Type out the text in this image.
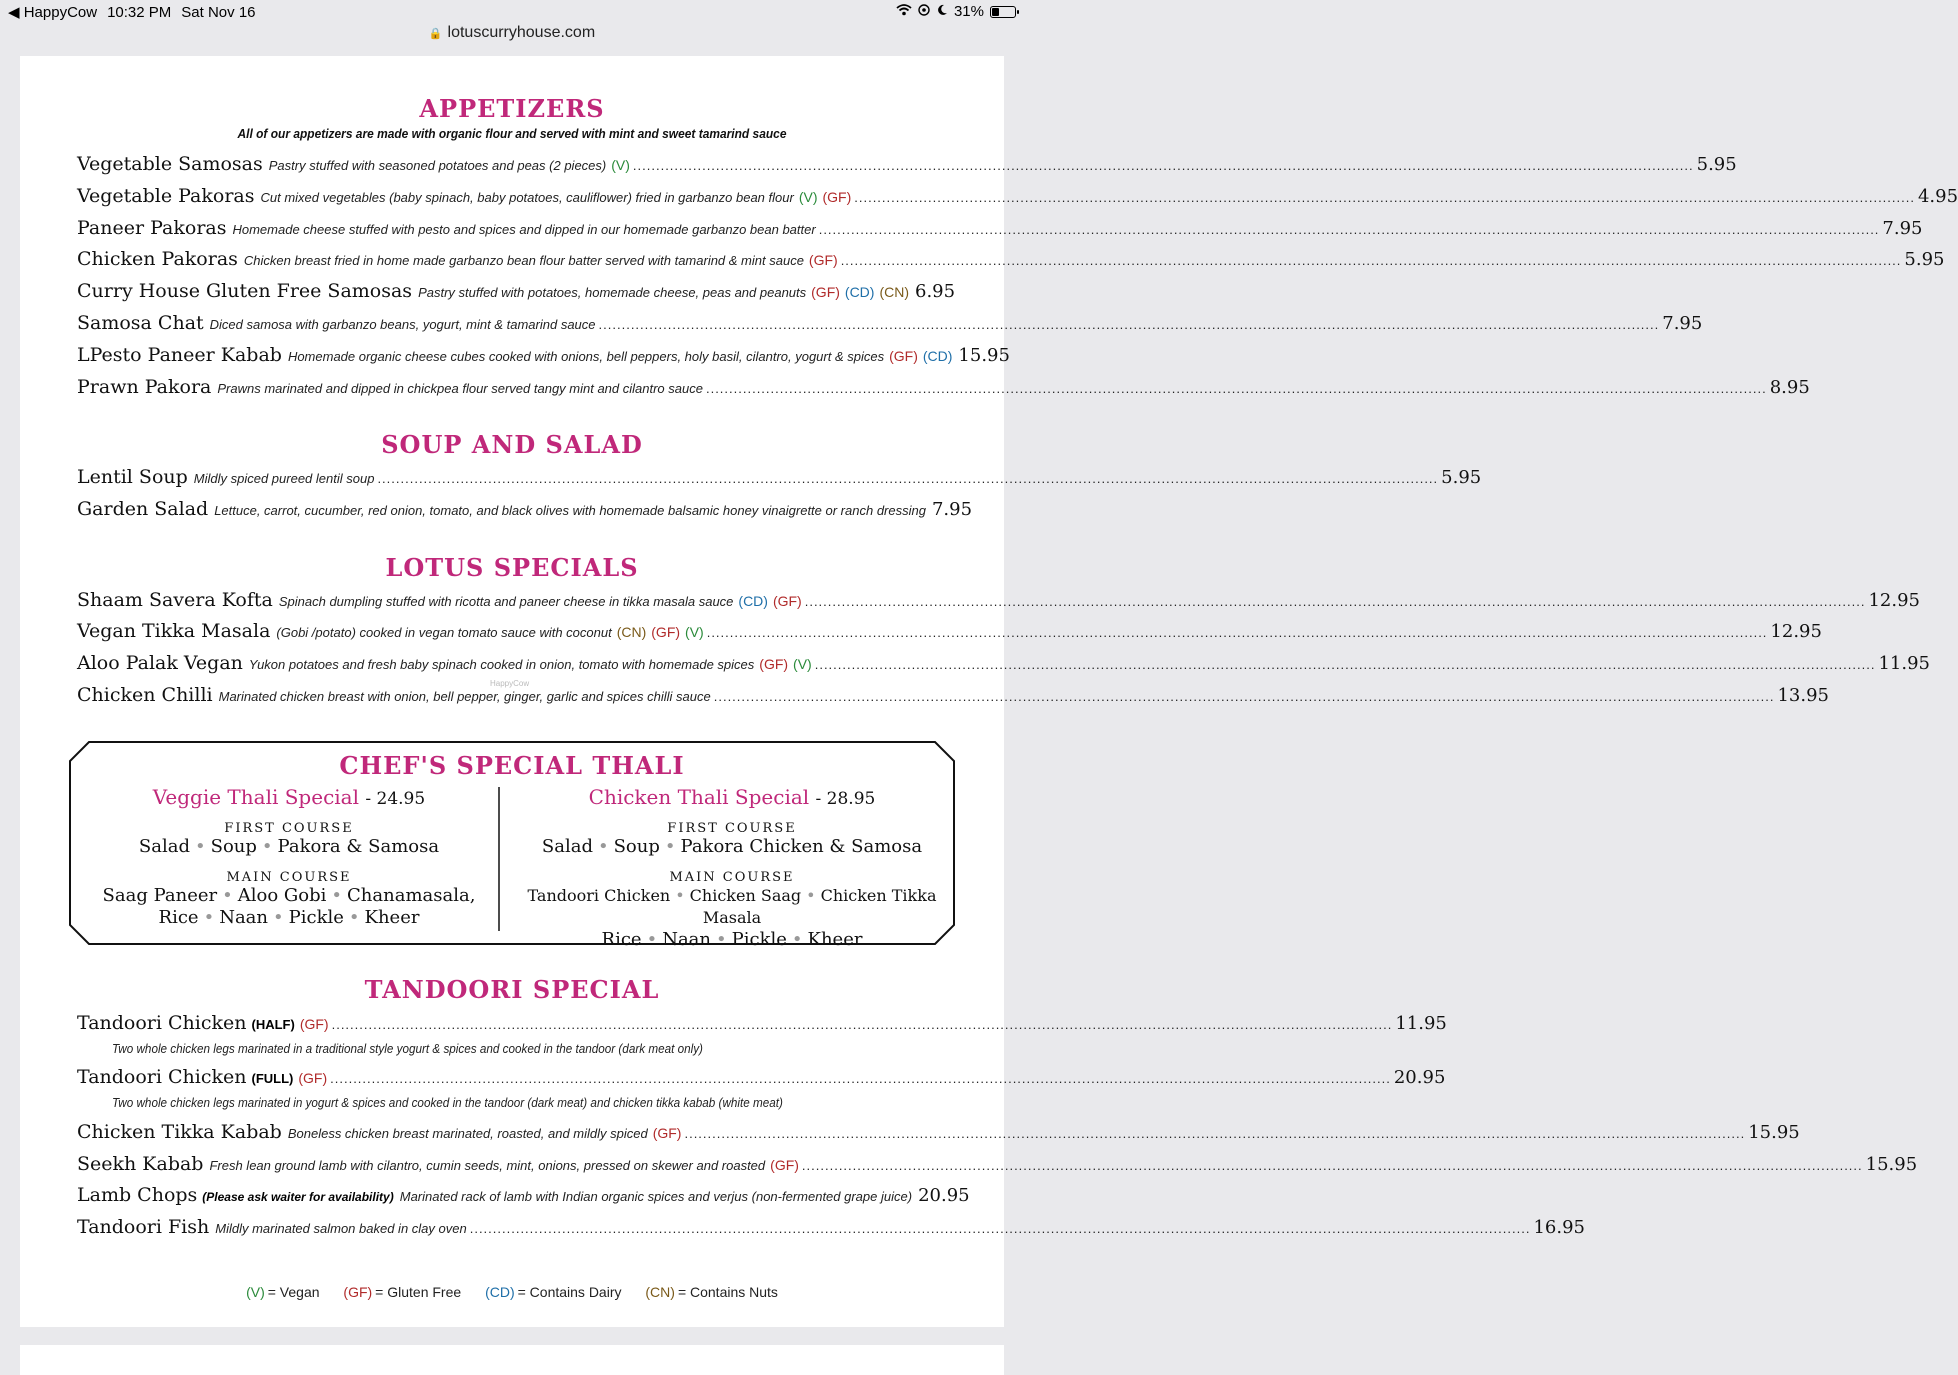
◀ HappyCow 10:32 PM Sat Nov 16	31%
🔒 lotuscurryhouse.com
APPETIZERS
All of our appetizers are made with organic flour and served with mint and sweet tamarind sauce
Vegetable Samosas Pastry stuffed with seasoned potatoes and peas (2 pieces) (V) .....	5.95
Vegetable Pakoras Cut mixed vegetables (baby spinach, baby potatoes, cauliflower) fried in garbanzo bean flour (V) (GF) .....	4.95
Paneer Pakoras Homemade cheese stuffed with pesto and spices and dipped in our homemade garbanzo bean batter .....	7.95
Chicken Pakoras Chicken breast fried in home made garbanzo bean flour batter served with tamarind & mint sauce (GF) .....	5.95
Curry House Gluten Free Samosas Pastry stuffed with potatoes, homemade cheese, peas and peanuts (GF) (CD) (CN) 6.95
Samosa Chat Diced samosa with garbanzo beans, yogurt, mint & tamarind sauce .....	7.95
LPesto Paneer Kabab Homemade organic cheese cubes cooked with onions, bell peppers, holy basil, cilantro, yogurt & spices (GF) (CD) 15.95
Prawn Pakora Prawns marinated and dipped in chickpea flour served tangy mint and cilantro sauce .....	8.95
SOUP AND SALAD
Lentil Soup Mildly spiced pureed lentil soup .....	5.95
Garden Salad Lettuce, carrot, cucumber, red onion, tomato, and black olives with homemade balsamic honey vinaigrette or ranch dressing 7.95
LOTUS SPECIALS
Shaam Savera Kofta Spinach dumpling stuffed with ricotta and paneer cheese in tikka masala sauce (CD) (GF) .....	12.95
Vegan Tikka Masala (Gobi /potato) cooked in vegan tomato sauce with coconut (CN) (GF) (V) .....	12.95
Aloo Palak Vegan Yukon potatoes and fresh baby spinach cooked in onion, tomato with homemade spices (GF) (V) .....	11.95
HappyCow
Chicken Chilli Marinated chicken breast with onion, bell pepper, ginger, garlic and spices chilli sauce .....	13.95
CHEF'S SPECIAL THALI
Veggie Thali Special - 24.95
FIRST COURSE
Salad • Soup • Pakora & Samosa
MAIN COURSE
Saag Paneer • Aloo Gobi • Chanamasala,
Rice • Naan • Pickle • Kheer
Chicken Thali Special - 28.95
FIRST COURSE
Salad • Soup • Pakora Chicken & Samosa
MAIN COURSE
Tandoori Chicken • Chicken Saag • Chicken Tikka Masala
Rice • Naan • Pickle • Kheer
TANDOORI SPECIAL
Tandoori Chicken (HALF) (GF) .....	11.95
Two whole chicken legs marinated in a traditional style yogurt & spices and cooked in the tandoor (dark meat only)
Tandoori Chicken (FULL) (GF) .....	20.95
Two whole chicken legs marinated in yogurt & spices and cooked in the tandoor (dark meat) and chicken tikka kabab (white meat)
Chicken Tikka Kabab Boneless chicken breast marinated, roasted, and mildly spiced (GF) .....	15.95
Seekh Kabab Fresh lean ground lamb with cilantro, cumin seeds, mint, onions, pressed on skewer and roasted (GF) .....	15.95
Lamb Chops (Please ask waiter for availability) Marinated rack of lamb with Indian organic spices and verjus (non-fermented grape juice) 20.95
Tandoori Fish Mildly marinated salmon baked in clay oven .....	16.95
(V) = Vegan (GF) = Gluten Free (CD) = Contains Dairy (CN) = Contains Nuts
